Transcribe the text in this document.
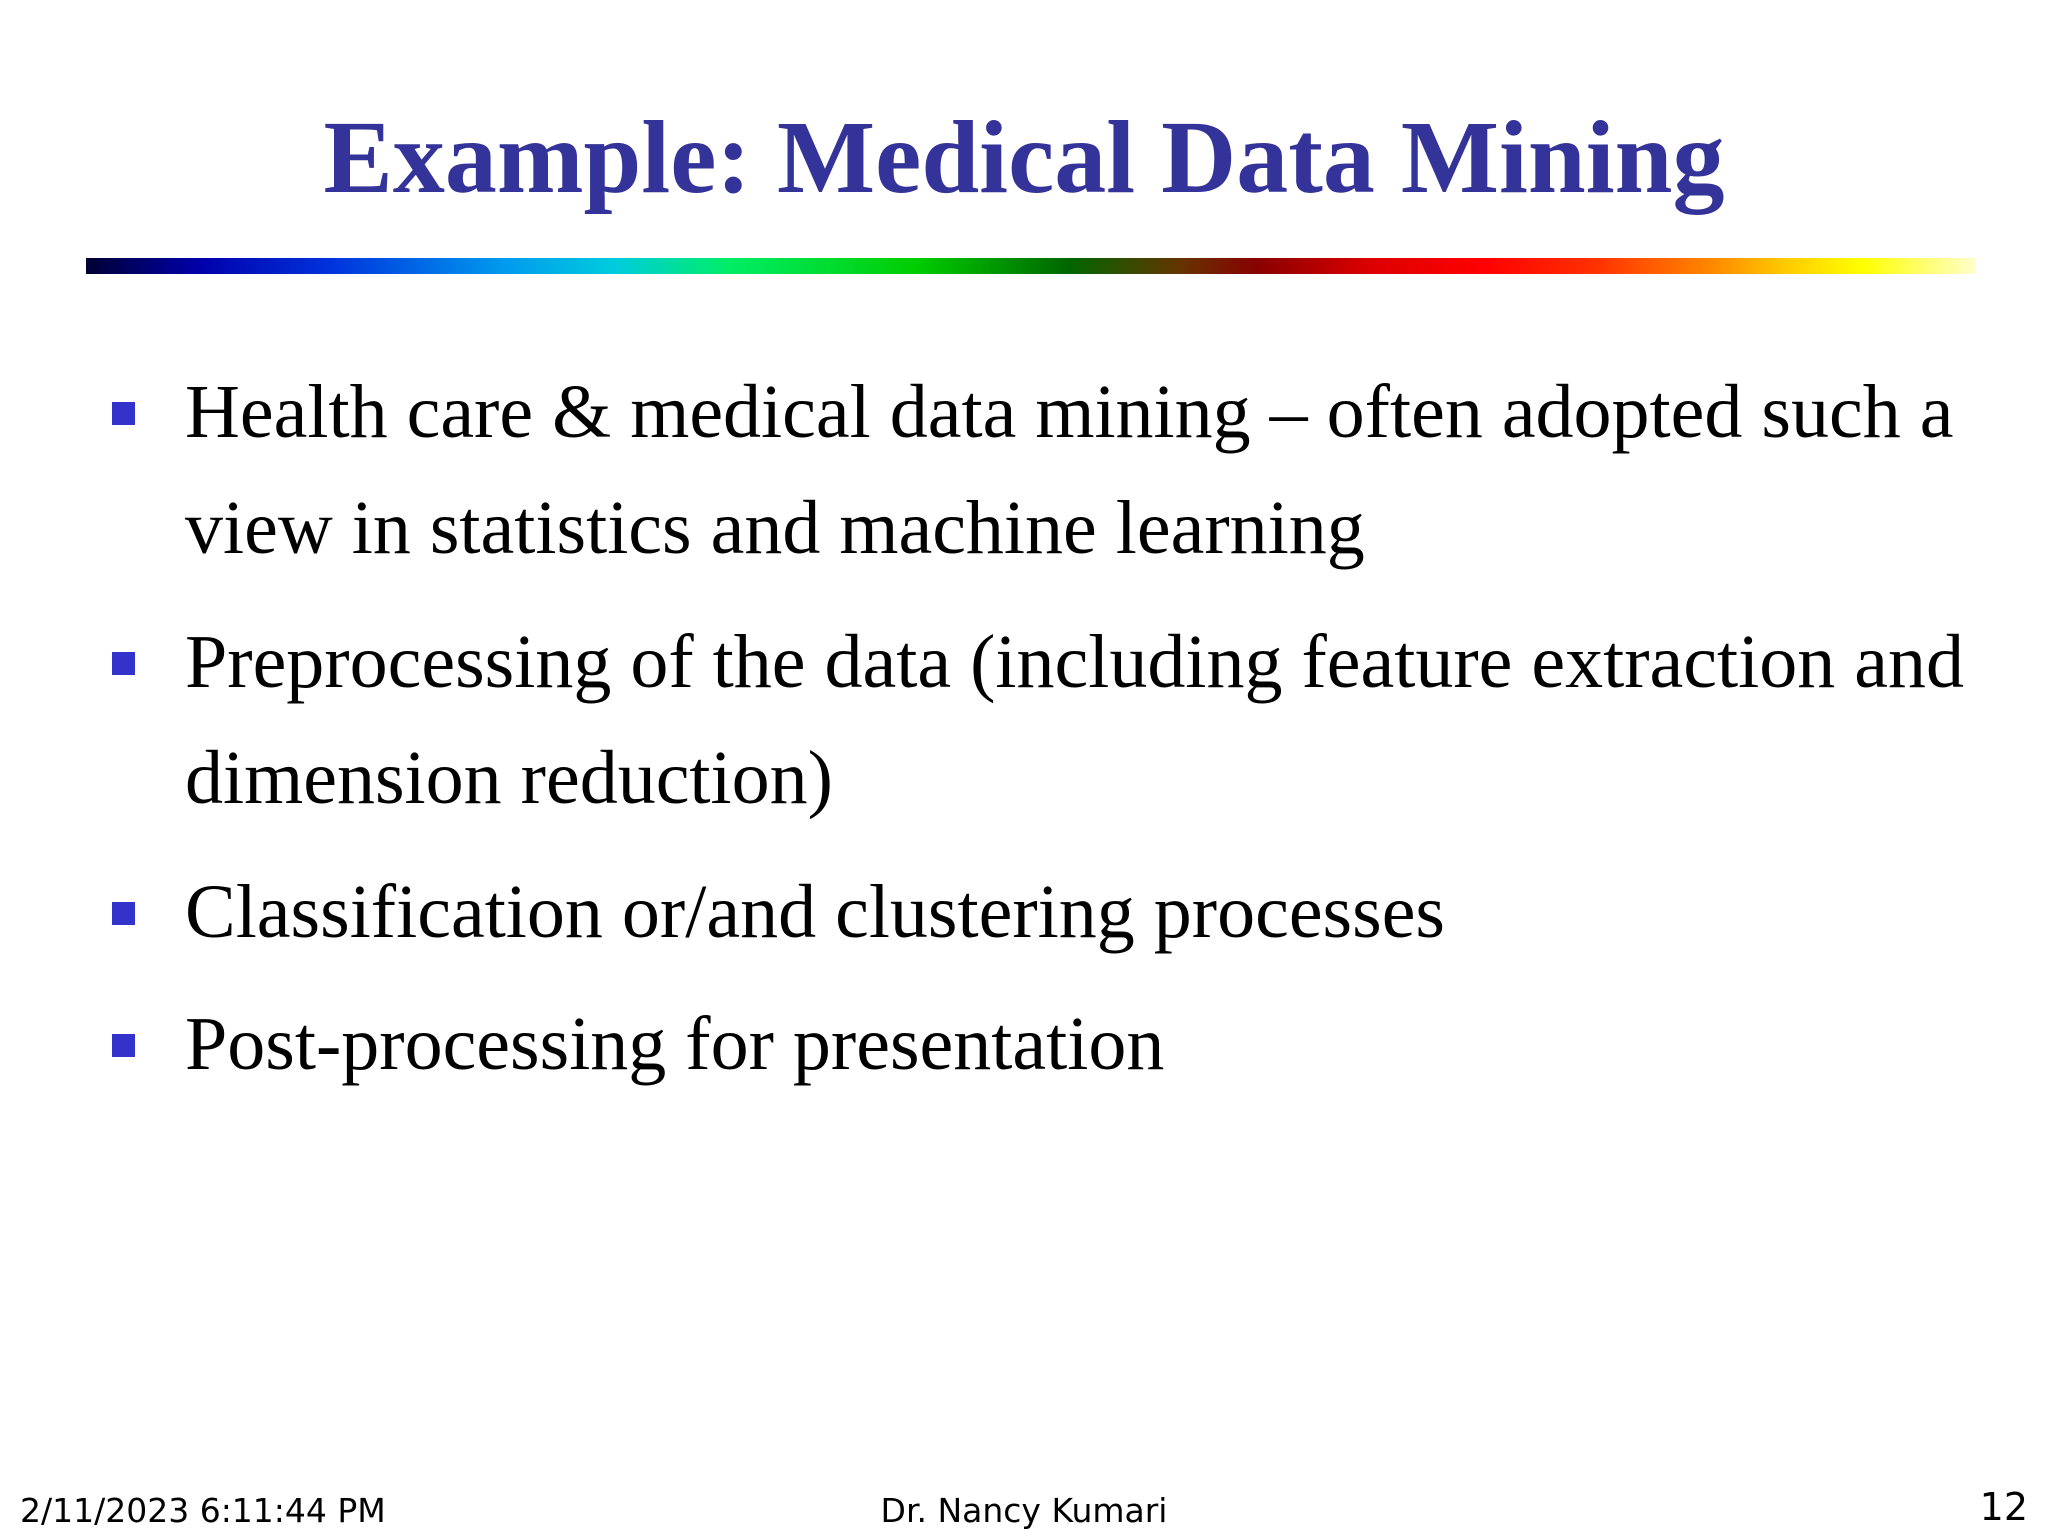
Example: Medical Data Mining
Health care & medical data mining – often adopted such a view in statistics and machine learning
Preprocessing of the data (including feature extraction and dimension reduction)
Classification or/and clustering processes
Post-processing for presentation
2/11/2023 6:11:44 PM	Dr. Nancy Kumari	12
